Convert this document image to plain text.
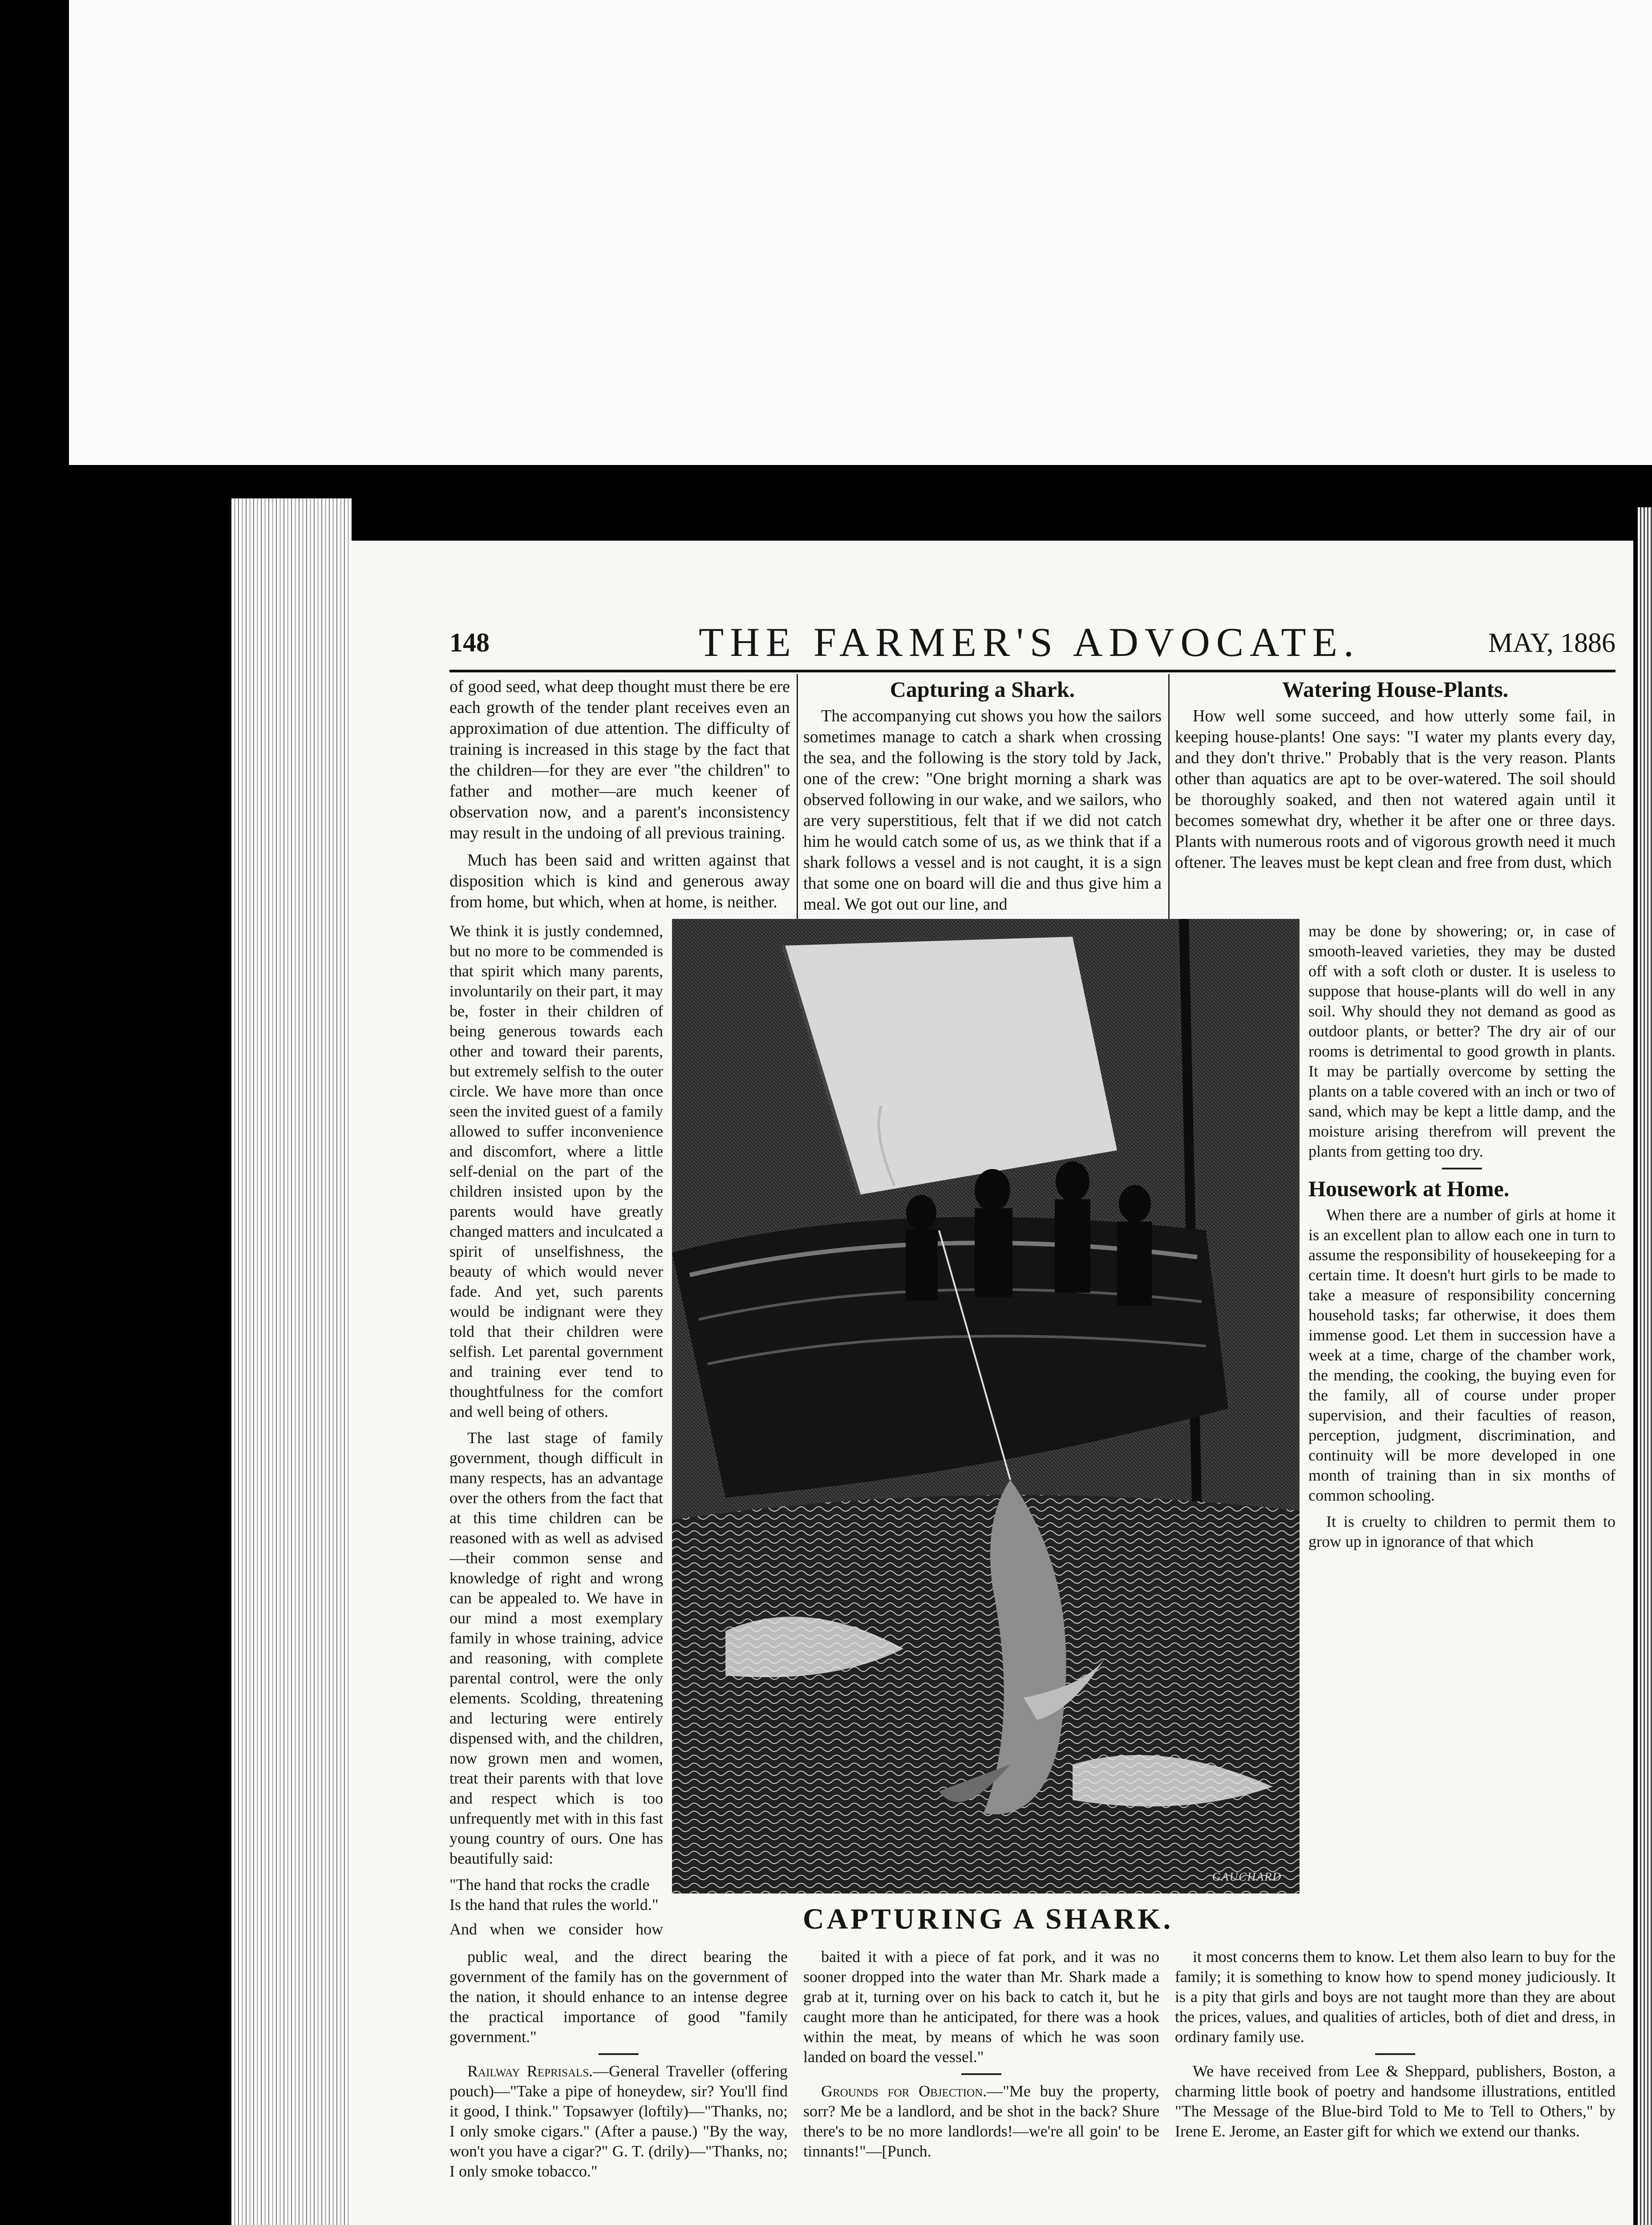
148	THE FARMER'S ADVOCATE.	MAY, 1886

of good seed, what deep thought must there be ere each growth of the tender plant receives even an approximation of due attention. The difficulty of training is increased in this stage by the fact that the children—for they are ever "the children" to father and mother—are much keener of observation now, and a parent's inconsistency may result in the undoing of all previous training.

Much has been said and written against that disposition which is kind and generous away from home, but which, when at home, is neither.

We think it is justly condemned, but no more to be commended is that spirit which many parents, involuntarily on their part, it may be, foster in their children of being generous towards each other and toward their parents, but extremely selfish to the outer circle. We have more than once seen the invited guest of a family allowed to suffer inconvenience and discomfort, where a little self-denial on the part of the children insisted upon by the parents would have greatly changed matters and inculcated a spirit of unselfishness, the beauty of which would never fade. And yet, such parents would be indignant were they told that their children were selfish. Let parental government and training ever tend to thoughtfulness for the comfort and well being of others.

The last stage of family government, though difficult in many respects, has an advantage over the others from the fact that at this time children can be reasoned with as well as advised—their common sense and knowledge of right and wrong can be appealed to. We have in our mind a most exemplary family in whose training, advice and reasoning, with complete parental control, were the only elements. Scolding, threatening and lecturing were entirely dispensed with, and the children, now grown men and women, treat their parents with that love and respect which is too unfrequently met with in this fast young country of ours. One has beautifully said:

"The hand that rocks the cradle
Is the hand that rules the world."

And when we consider how

Capturing a Shark.

The accompanying cut shows you how the sailors sometimes manage to catch a shark when crossing the sea, and the following is the story told by Jack, one of the crew: "One bright morning a shark was observed following in our wake, and we sailors, who are very superstitious, felt that if we did not catch him he would catch some of us, as we think that if a shark follows a vessel and is not caught, it is a sign that some one on board will die and thus give him a meal. We got out our line, and

Watering House-Plants.

How well some succeed, and how utterly some fail, in keeping house-plants! One says: "I water my plants every day, and they don't thrive." Probably that is the very reason. Plants other than aquatics are apt to be over-watered. The soil should be thoroughly soaked, and then not watered again until it becomes somewhat dry, whether it be after one or three days. Plants with numerous roots and of vigorous growth need it much oftener. The leaves must be kept clean and free from dust, which

may be done by showering; or, in case of smooth-leaved varieties, they may be dusted off with a soft cloth or duster. It is useless to suppose that house-plants will do well in any soil. Why should they not demand as good as outdoor plants, or better? The dry air of our rooms is detrimental to good growth in plants. It may be partially overcome by setting the plants on a table covered with an inch or two of sand, which may be kept a little damp, and the moisture arising therefrom will prevent the plants from getting too dry.

Housework at Home.

When there are a number of girls at home it is an excellent plan to allow each one in turn to assume the responsibility of housekeeping for a certain time. It doesn't hurt girls to be made to take a measure of responsibility concerning household tasks; far otherwise, it does them immense good. Let them in succession have a week at a time, charge of the chamber work, the mending, the cooking, the buying even for the family, all of course under proper supervision, and their faculties of reason, perception, judgment, discrimination, and continuity will be more developed in one month of training than in six months of common schooling.

It is cruelty to children to permit them to grow up in ignorance of that which

GAUCHARD
CAPTURING A SHARK.

public weal, and the direct bearing the government of the family has on the government of the nation, it should enhance to an intense degree the practical importance of good "family government."

Railway Reprisals.—General Traveller (offering pouch)—"Take a pipe of honeydew, sir? You'll find it good, I think." Topsawyer (loftily)—"Thanks, no; I only smoke cigars." (After a pause.) "By the way, won't you have a cigar?" G. T. (drily)—"Thanks, no; I only smoke tobacco."

baited it with a piece of fat pork, and it was no sooner dropped into the water than Mr. Shark made a grab at it, turning over on his back to catch it, but he caught more than he anticipated, for there was a hook within the meat, by means of which he was soon landed on board the vessel."

Grounds for Objection.—"Me buy the property, sorr? Me be a landlord, and be shot in the back? Shure there's to be no more landlords!—we're all goin' to be tinnants!"—[Punch.

it most concerns them to know. Let them also learn to buy for the family; it is something to know how to spend money judiciously. It is a pity that girls and boys are not taught more than they are about the prices, values, and qualities of articles, both of diet and dress, in ordinary family use.

We have received from Lee & Sheppard, publishers, Boston, a charming little book of poetry and handsome illustrations, entitled "The Message of the Blue-bird Told to Me to Tell to Others," by Irene E. Jerome, an Easter gift for which we extend our thanks.
